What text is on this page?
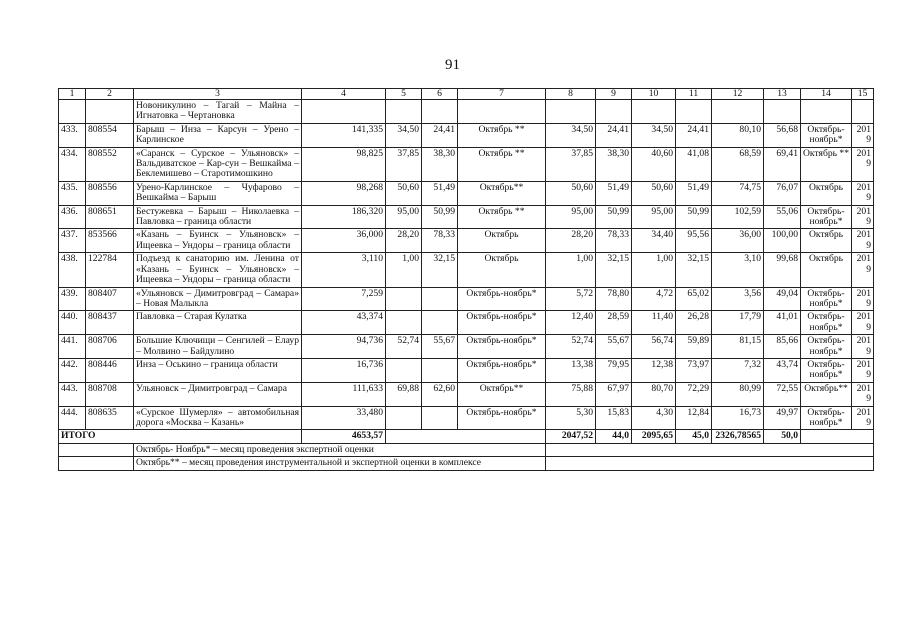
91
1	2	3	4	5	6	7	8	9	10	11	12	13	14	15
		Новоникулино – Тагай – Майна – Игнатовка – Чертановка												
433.	808554	Барыш – Инза – Карсун – Урено – Карлинское	141,335	34,50	24,41	Октябрь **	34,50	24,41	34,50	24,41	80,10	56,68	Октябрь-ноябрь*	2019
434.	808552	«Саранск – Сурское – Ульяновск» – Вальдиватское – Кар-сун – Вешкайма – Беклемишево – Старотимошкино	98,825	37,85	38,30	Октябрь **	37,85	38,30	40,60	41,08	68,59	69,41	Октябрь **	2019
435.	808556	Урено-Карлинское – Чуфарово – Вешкайма – Барыш	98,268	50,60	51,49	Октябрь**	50,60	51,49	50,60	51,49	74,75	76,07	Октябрь	2019
436.	808651	Бестужевка – Барыш – Николаевка – Павловка – граница области	186,320	95,00	50,99	Октябрь **	95,00	50,99	95,00	50,99	102,59	55,06	Октябрь-ноябрь*	2019
437.	853566	«Казань – Буинск – Ульяновск» – Ищеевка – Ундоры – граница области	36,000	28,20	78,33	Октябрь	28,20	78,33	34,40	95,56	36,00	100,00	Октябрь	2019
438.	122784	Подъезд к санаторию им. Ленина от «Казань – Буинск – Ульяновск» – Ищеевка – Ундоры – граница области	3,110	1,00	32,15	Октябрь	1,00	32,15	1,00	32,15	3,10	99,68	Октябрь	2019
439.	808407	«Ульяновск – Димитровград – Самара» – Новая Малыкла	7,259			Октябрь-ноябрь*	5,72	78,80	4,72	65,02	3,56	49,04	Октябрь-ноябрь*	2019
440.	808437	Павловка – Старая Кулатка	43,374			Октябрь-ноябрь*	12,40	28,59	11,40	26,28	17,79	41,01	Октябрь-ноябрь*	2019
441.	808706	Большие Ключищи – Сенгилей – Елаур – Молвино – Байдулино	94,736	52,74	55,67	Октябрь-ноябрь*	52,74	55,67	56,74	59,89	81,15	85,66	Октябрь-ноябрь*	2019
442.	808446	Инза – Оськино – граница области	16,736			Октябрь-ноябрь*	13,38	79,95	12,38	73,97	7,32	43,74	Октябрь-ноябрь*	2019
443.	808708	Ульяновск – Димитровград – Самара	111,633	69,88	62,60	Октябрь**	75,88	67,97	80,70	72,29	80,99	72,55	Октябрь**	2019
444.	808635	«Сурское Шумерля» – автомобильная дорога «Москва – Казань»	33,480			Октябрь-ноябрь*	5,30	15,83	4,30	12,84	16,73	49,97	Октябрь-ноябрь*	2019
ИТОГО			4653,57				2047,52	44,0	2095,65	45,0	2326,78565	50,0		
		Октябрь- Ноябрь* – месяц проведения экспертной оценки												
		Октябрь** – месяц проведения инструментальной и экспертной оценки в комплексе												
